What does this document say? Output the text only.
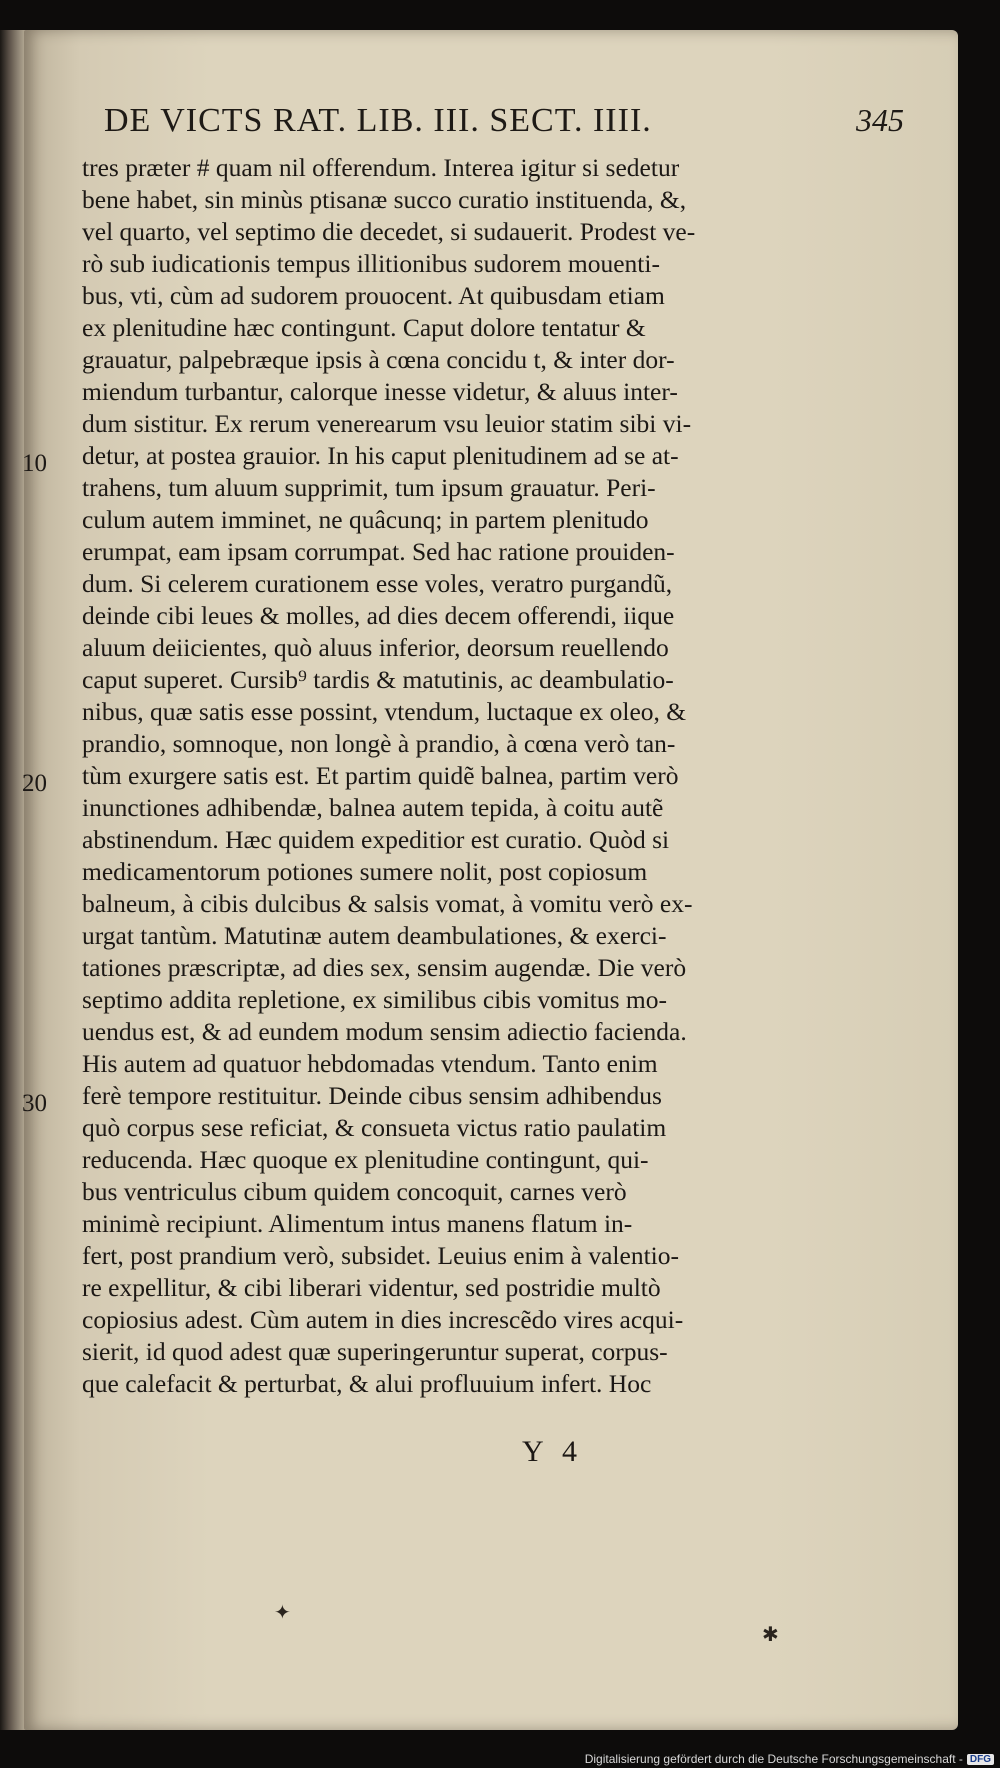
DE VICTS RAT. LIB. III. SECT. IIII.	345
tres præter # quam nil offerendum. Interea igitur si sedetur
bene habet, sin minùs ptisanæ succo curatio instituenda, &,
vel quarto, vel septimo die decedet, si sudauerit. Prodest ve-
rò sub iudicationis tempus illitionibus sudorem mouenti-
bus, vti, cùm ad sudorem prouocent. At quibusdam etiam
ex plenitudine hæc contingunt. Caput dolore tentatur &
grauatur, palpebræque ipsis à cœna concidu t, & inter dor-
miendum turbantur, calorque inesse videtur, & aluus inter-
dum sistitur. Ex rerum venerearum vsu leuior statim sibi vi-
detur, at postea grauior. In his caput plenitudinem ad se at-
trahens, tum aluum supprimit, tum ipsum grauatur. Peri-
culum autem imminet, ne quâcunq; in partem plenitudo
erumpat, eam ipsam corrumpat. Sed hac ratione prouiden-
dum. Si celerem curationem esse voles, veratro purgandũ,
deinde cibi leues & molles, ad dies decem offerendi, iique
aluum deiicientes, quò aluus inferior, deorsum reuellendo
caput superet. Cursib⁹ tardis & matutinis, ac deambulatio-
nibus, quæ satis esse possint, vtendum, luctaque ex oleo, &
prandio, somnoque, non longè à prandio, à cœna verò tan-
tùm exurgere satis est. Et partim quidẽ balnea, partim verò
inunctiones adhibendæ, balnea autem tepida, à coitu autẽ
abstinendum. Hæc quidem expeditior est curatio. Quòd si
medicamentorum potiones sumere nolit, post copiosum
balneum, à cibis dulcibus & salsis vomat, à vomitu verò ex-
urgat tantùm. Matutinæ autem deambulationes, & exerci-
tationes præscriptæ, ad dies sex, sensim augendæ. Die verò
septimo addita repletione, ex similibus cibis vomitus mo-
uendus est, & ad eundem modum sensim adiectio facienda.
His autem ad quatuor hebdomadas vtendum. Tanto enim
ferè tempore restituitur. Deinde cibus sensim adhibendus
quò corpus sese reficiat, & consueta victus ratio paulatim
reducenda. Hæc quoque ex plenitudine contingunt, qui-
bus ventriculus cibum quidem concoquit, carnes verò
minimè recipiunt. Alimentum intus manens flatum in-
fert, post prandium verò, subsidet. Leuius enim à valentio-
re expellitur, & cibi liberari videntur, sed postridie multò
copiosius adest. Cùm autem in dies increscẽdo vires acqui-
sierit, id quod adest quæ superingeruntur superat, corpus-
que calefacit & perturbat, & alui profluuium infert. Hoc
10
20
30
Y 4
✦
✱
Digitalisierung gefördert durch die Deutsche Forschungsgemeinschaft - DFG
